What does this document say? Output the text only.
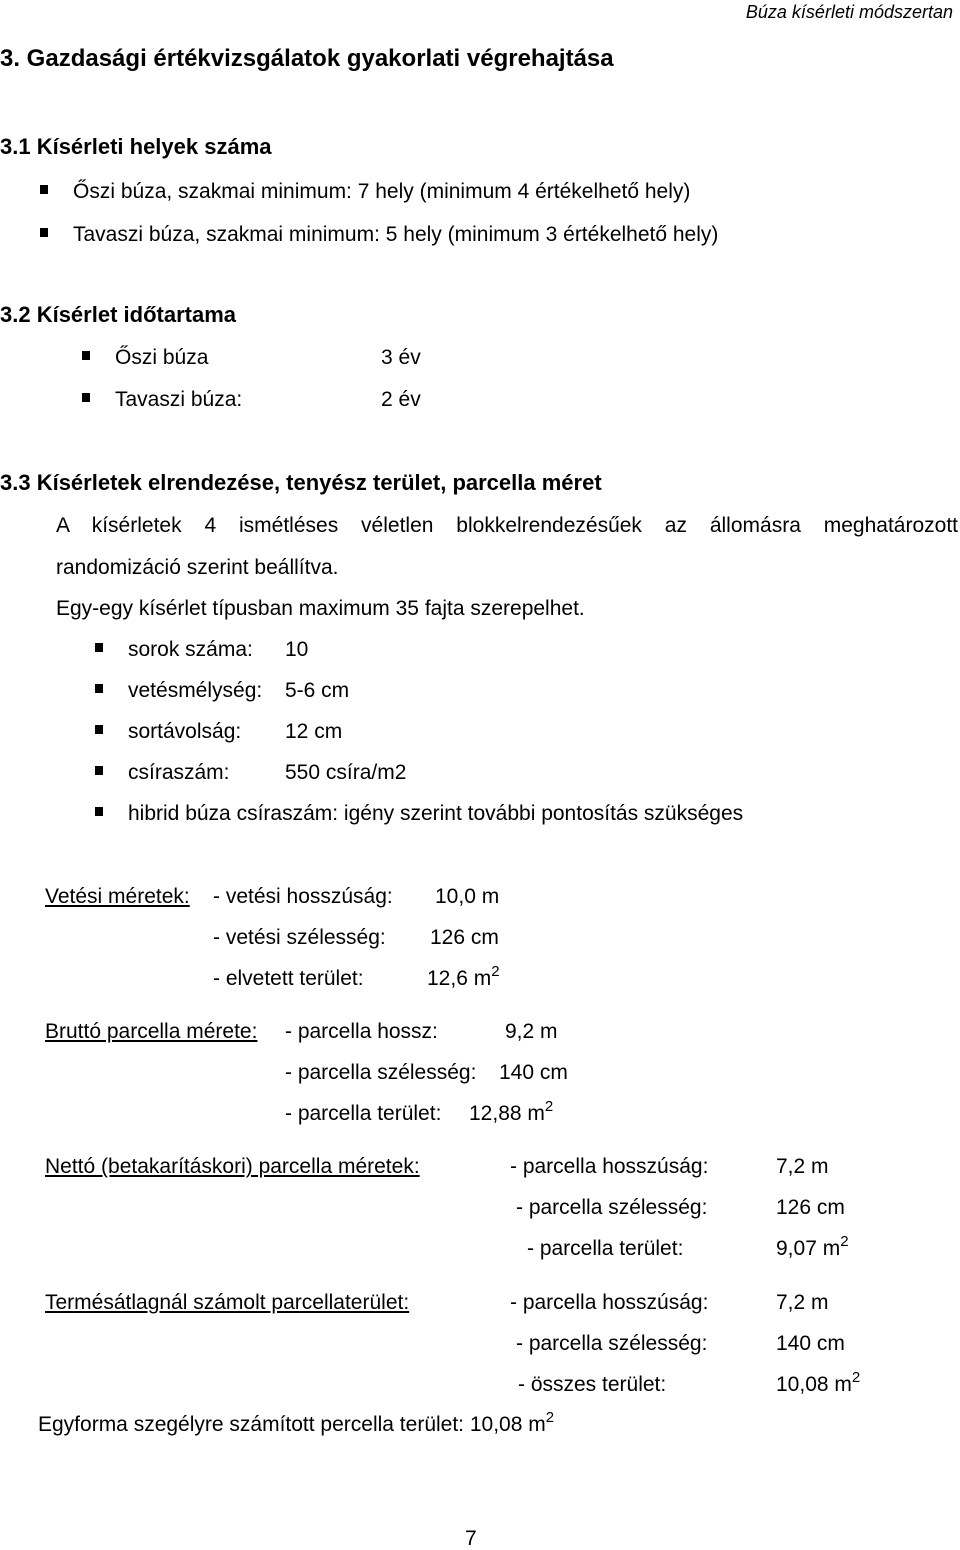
Búza kísérleti módszertan
3. Gazdasági értékvizsgálatok gyakorlati végrehajtása
3.1 Kísérleti helyek száma
Őszi búza, szakmai minimum: 7 hely (minimum 4 értékelhető hely)
Tavaszi búza, szakmai minimum: 5 hely (minimum 3 értékelhető hely)
3.2 Kísérlet időtartama
Őszi búza	3 év
Tavaszi búza:	2 év
3.3 Kísérletek elrendezése, tenyész terület, parcella méret
A kísérletek 4 ismétléses véletlen blokkelrendezésűek az állomásra meghatározott
randomizáció szerint beállítva.
Egy-egy kísérlet típusban maximum 35 fajta szerepelhet.
sorok száma: 10
vetésmélység: 5-6 cm
sortávolság: 12 cm
csíraszám:	550 csíra/m2
hibrid búza csíraszám: igény szerint további pontosítás szükséges
Vetési méretek: - vetési hosszúság: 10,0 m
- vetési szélesség: 126 cm
- elvetett terület:	12,6 $m^2$
Bruttó parcella mérete: - parcella hossz:	9,2 m
- parcella szélesség: 140 cm
- parcella terület: 12,88 $m^2$
Nettó (betakarításkori) parcella méretek:	- parcella hosszúság:	7,2 m
- parcella szélesség:	126 cm
- parcella terület:	9,07 $m^2$
Termésátlagnál számolt parcellaterület:	- parcella hosszúság:	7,2 m
- parcella szélesség:	140 cm
- összes terület:	10,08 $m^2$
Egyforma szegélyre számított percella terület: 10,08 $m^2$
7
